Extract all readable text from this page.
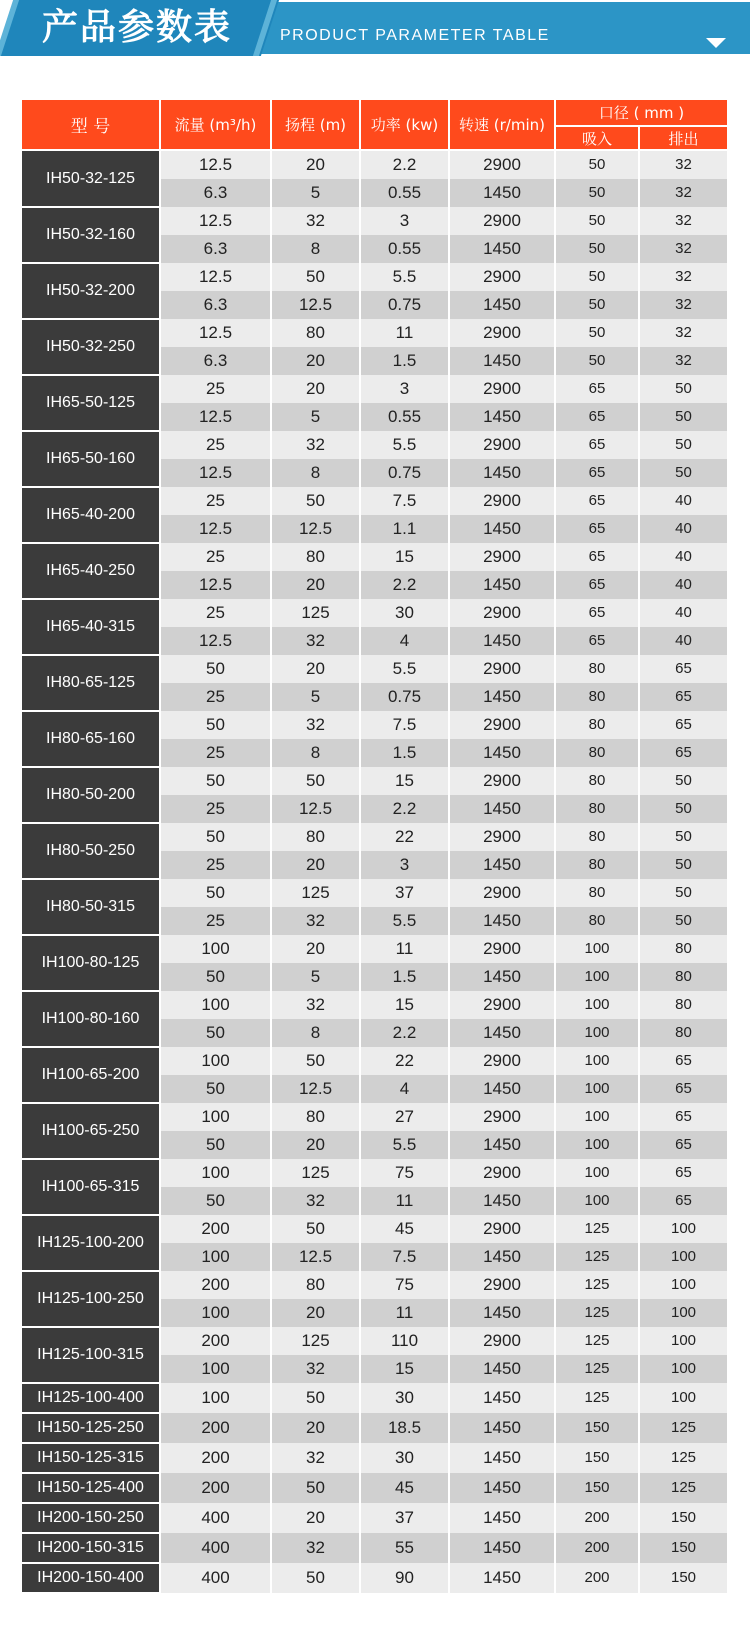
产品参数表	PRODUCT PARAMETER TABLE
型 号	流量 (m³/h)	扬程 (m)	功率 (kw)	转速 (r/min)	口径 ( mm )	
					吸入	排出
IH50-32-125	12.5	20	2.2	2900	50	32
	6.3	5	0.55	1450	50	32
IH50-32-160	12.5	32	3	2900	50	32
	6.3	8	0.55	1450	50	32
IH50-32-200	12.5	50	5.5	2900	50	32
	6.3	12.5	0.75	1450	50	32
IH50-32-250	12.5	80	11	2900	50	32
	6.3	20	1.5	1450	50	32
IH65-50-125	25	20	3	2900	65	50
	12.5	5	0.55	1450	65	50
IH65-50-160	25	32	5.5	2900	65	50
	12.5	8	0.75	1450	65	50
IH65-40-200	25	50	7.5	2900	65	40
	12.5	12.5	1.1	1450	65	40
IH65-40-250	25	80	15	2900	65	40
	12.5	20	2.2	1450	65	40
IH65-40-315	25	125	30	2900	65	40
	12.5	32	4	1450	65	40
IH80-65-125	50	20	5.5	2900	80	65
	25	5	0.75	1450	80	65
IH80-65-160	50	32	7.5	2900	80	65
	25	8	1.5	1450	80	65
IH80-50-200	50	50	15	2900	80	50
	25	12.5	2.2	1450	80	50
IH80-50-250	50	80	22	2900	80	50
	25	20	3	1450	80	50
IH80-50-315	50	125	37	2900	80	50
	25	32	5.5	1450	80	50
IH100-80-125	100	20	11	2900	100	80
	50	5	1.5	1450	100	80
IH100-80-160	100	32	15	2900	100	80
	50	8	2.2	1450	100	80
IH100-65-200	100	50	22	2900	100	65
	50	12.5	4	1450	100	65
IH100-65-250	100	80	27	2900	100	65
	50	20	5.5	1450	100	65
IH100-65-315	100	125	75	2900	100	65
	50	32	11	1450	100	65
IH125-100-200	200	50	45	2900	125	100
	100	12.5	7.5	1450	125	100
IH125-100-250	200	80	75	2900	125	100
	100	20	11	1450	125	100
IH125-100-315	200	125	110	2900	125	100
	100	32	15	1450	125	100
IH125-100-400	100	50	30	1450	125	100
IH150-125-250	200	20	18.5	1450	150	125
IH150-125-315	200	32	30	1450	150	125
IH150-125-400	200	50	45	1450	150	125
IH200-150-250	400	20	37	1450	200	150
IH200-150-315	400	32	55	1450	200	150
IH200-150-400	400	50	90	1450	200	150
